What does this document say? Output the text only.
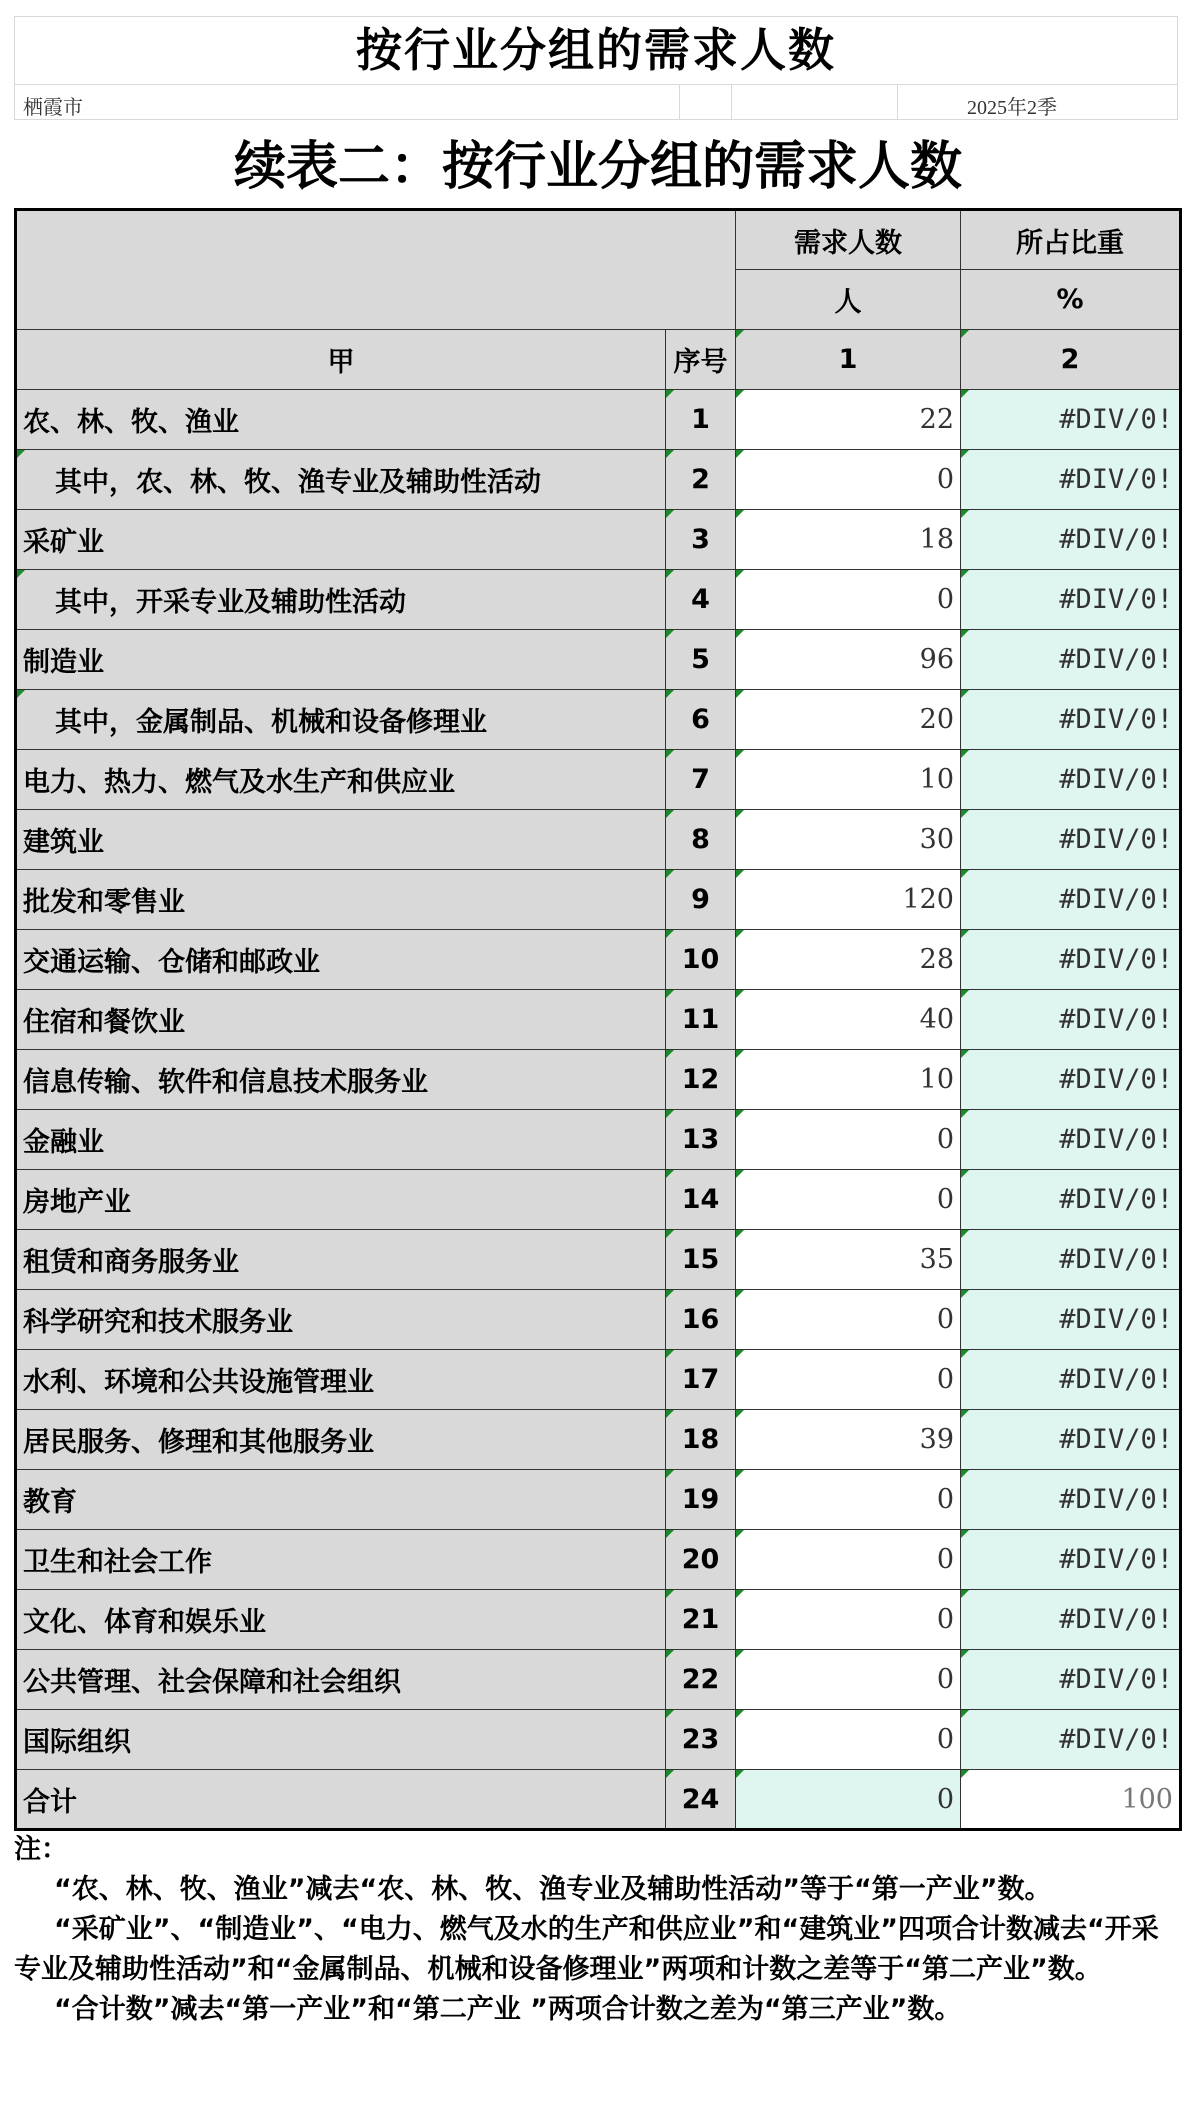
按行业分组的需求人数
栖霞市	2025年2季
续表二：按行业分组的需求人数
		需求人数	所占比重
		人	%
甲	序号	1	2
农、林、牧、渔业	1	22	#DIV/0!
其中，农、林、牧、渔专业及辅助性活动	2	0	#DIV/0!
采矿业	3	18	#DIV/0!
其中，开采专业及辅助性活动	4	0	#DIV/0!
制造业	5	96	#DIV/0!
其中，金属制品、机械和设备修理业	6	20	#DIV/0!
电力、热力、燃气及水生产和供应业	7	10	#DIV/0!
建筑业	8	30	#DIV/0!
批发和零售业	9	120	#DIV/0!
交通运输、仓储和邮政业	10	28	#DIV/0!
住宿和餐饮业	11	40	#DIV/0!
信息传输、软件和信息技术服务业	12	10	#DIV/0!
金融业	13	0	#DIV/0!
房地产业	14	0	#DIV/0!
租赁和商务服务业	15	35	#DIV/0!
科学研究和技术服务业	16	0	#DIV/0!
水利、环境和公共设施管理业	17	0	#DIV/0!
居民服务、修理和其他服务业	18	39	#DIV/0!
教育	19	0	#DIV/0!
卫生和社会工作	20	0	#DIV/0!
文化、体育和娱乐业	21	0	#DIV/0!
公共管理、社会保障和社会组织	22	0	#DIV/0!
国际组织	23	0	#DIV/0!
合计	24	0	100

注：

“农、林、牧、渔业”减去“农、林、牧、渔专业及辅助性活动”等于“第一产业”数。

“采矿业”、“制造业”、“电力、燃气及水的生产和供应业”和“建筑业”四项合计数减去“开采专业及辅助性活动”和“金属制品、机械和设备修理业”两项和计数之差等于“第二产业”数。

“合计数”减去“第一产业”和“第二产业 ”两项合计数之差为“第三产业”数。
